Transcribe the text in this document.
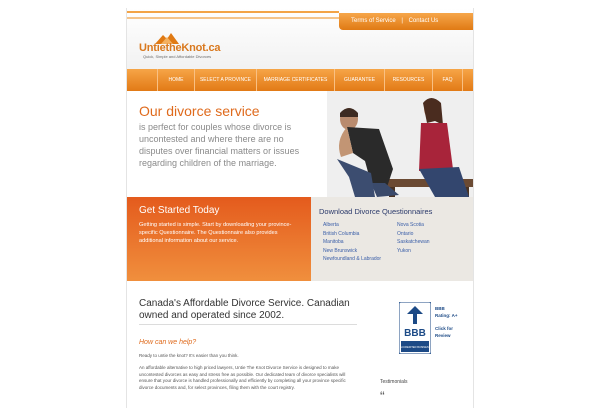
Terms of Service | Contact Us
UntietheKnot.ca
Quick, Simple and Affordable Divorces
HOME	SELECT A PROVINCE	MARRIAGE CERTIFICATES	GUARANTEE	RESOURCES	FAQ
Our divorce service
is perfect for couples whose divorce is uncontested and where there are no disputes over financial matters or issues regarding children of the marriage.
Get Started Today
Getting started is simple. Start by downloading your province-specific Questionnaire. The Questionnaire also provides additional information about our service.
Download Divorce Questionnaires
Alberta
British Columbia
Manitoba
New Brunswick
Newfoundland & Labrador
Nova Scotia
Ontario
Saskatchewan
Yukon
Canada's Affordable Divorce Service. Canadian owned and operated since 2002.
How can we help?
Ready to untie the knot? It's easier than you think.
An affordable alternative to high priced lawyers, Untie The Knot Divorce Service is designed to make uncontested divorces as easy and stress free as possible. Our dedicated team of divorce specialists will ensure that your divorce is handled professionally and efficiently by completing all your province specific divorce documents and, for select provinces, filing them with the court registry.
BBB
ACCREDITED BUSINESS
BBB
Rating: A+
Click for
Review
Testimonials
“
